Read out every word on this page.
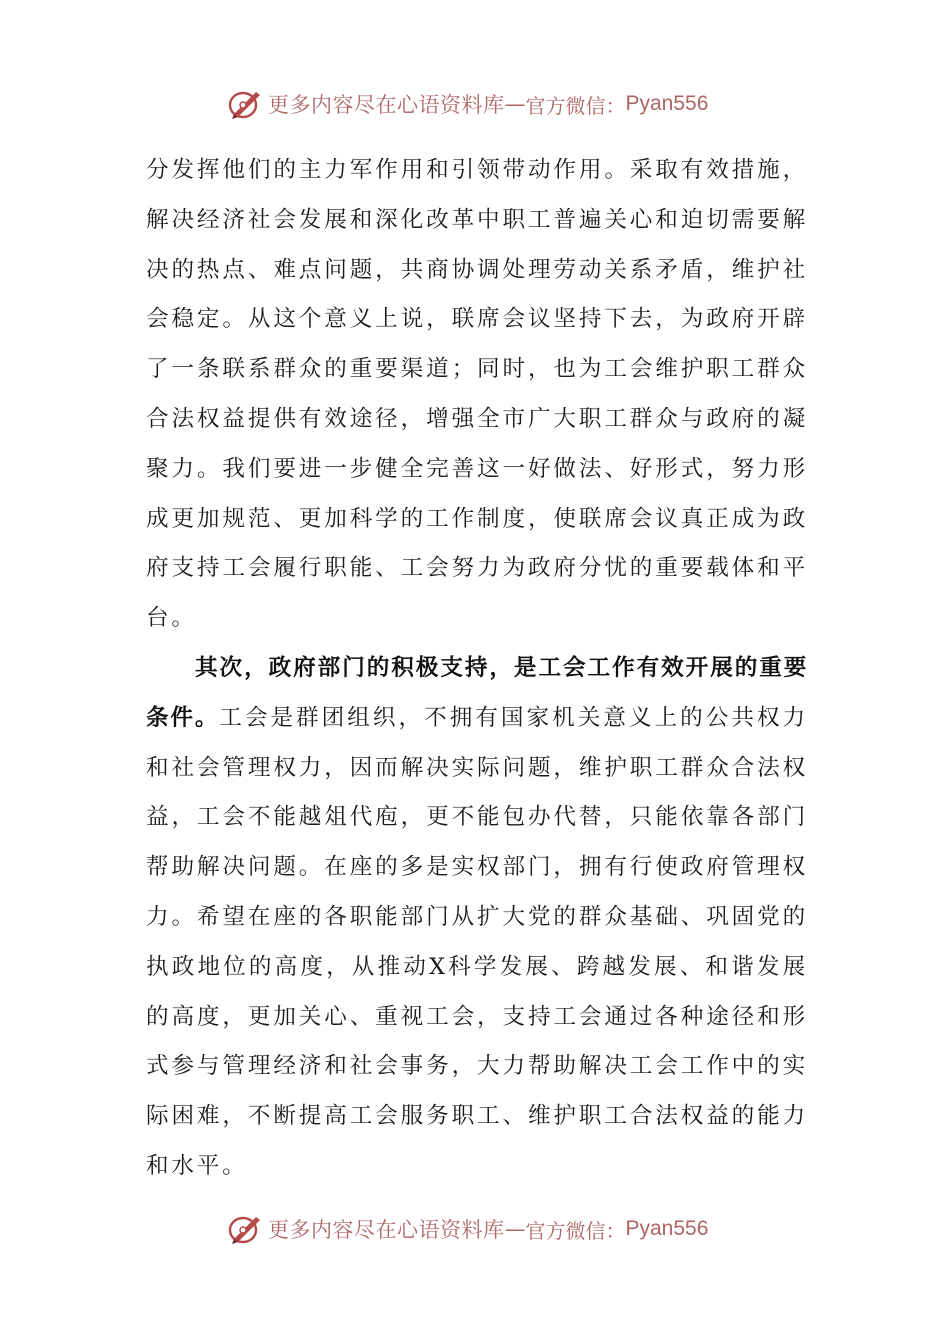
更多内容尽在心语资料库 — 官方微信： Pyan556

分发挥他们的主力军作用和引领带动作用。采取有效措施，解决经济社会发展和深化改革中职工普遍关心和迫切需要解决的热点、难点问题，共商协调处理劳动关系矛盾，维护社会稳定。从这个意义上说，联席会议坚持下去，为政府开辟了一条联系群众的重要渠道；同时，也为工会维护职工群众合法权益提供有效途径，增强全市广大职工群众与政府的凝聚力。我们要进一步健全完善这一好做法、好形式，努力形成更加规范、更加科学的工作制度，使联席会议真正成为政府支持工会履行职能、工会努力为政府分忧的重要载体和平台。

其次，政府部门的积极支持，是工会工作有效开展的重要条件。工会是群团组织，不拥有国家机关意义上的公共权力和社会管理权力，因而解决实际问题，维护职工群众合法权益，工会不能越俎代庖，更不能包办代替，只能依靠各部门帮助解决问题。在座的多是实权部门，拥有行使政府管理权力。希望在座的各职能部门从扩大党的群众基础、巩固党的执政地位的高度，从推动X科学发展、跨越发展、和谐发展的高度，更加关心、重视工会，支持工会通过各种途径和形式参与管理经济和社会事务，大力帮助解决工会工作中的实际困难，不断提高工会服务职工、维护职工合法权益的能力和水平。

更多内容尽在心语资料库 — 官方微信： Pyan556
